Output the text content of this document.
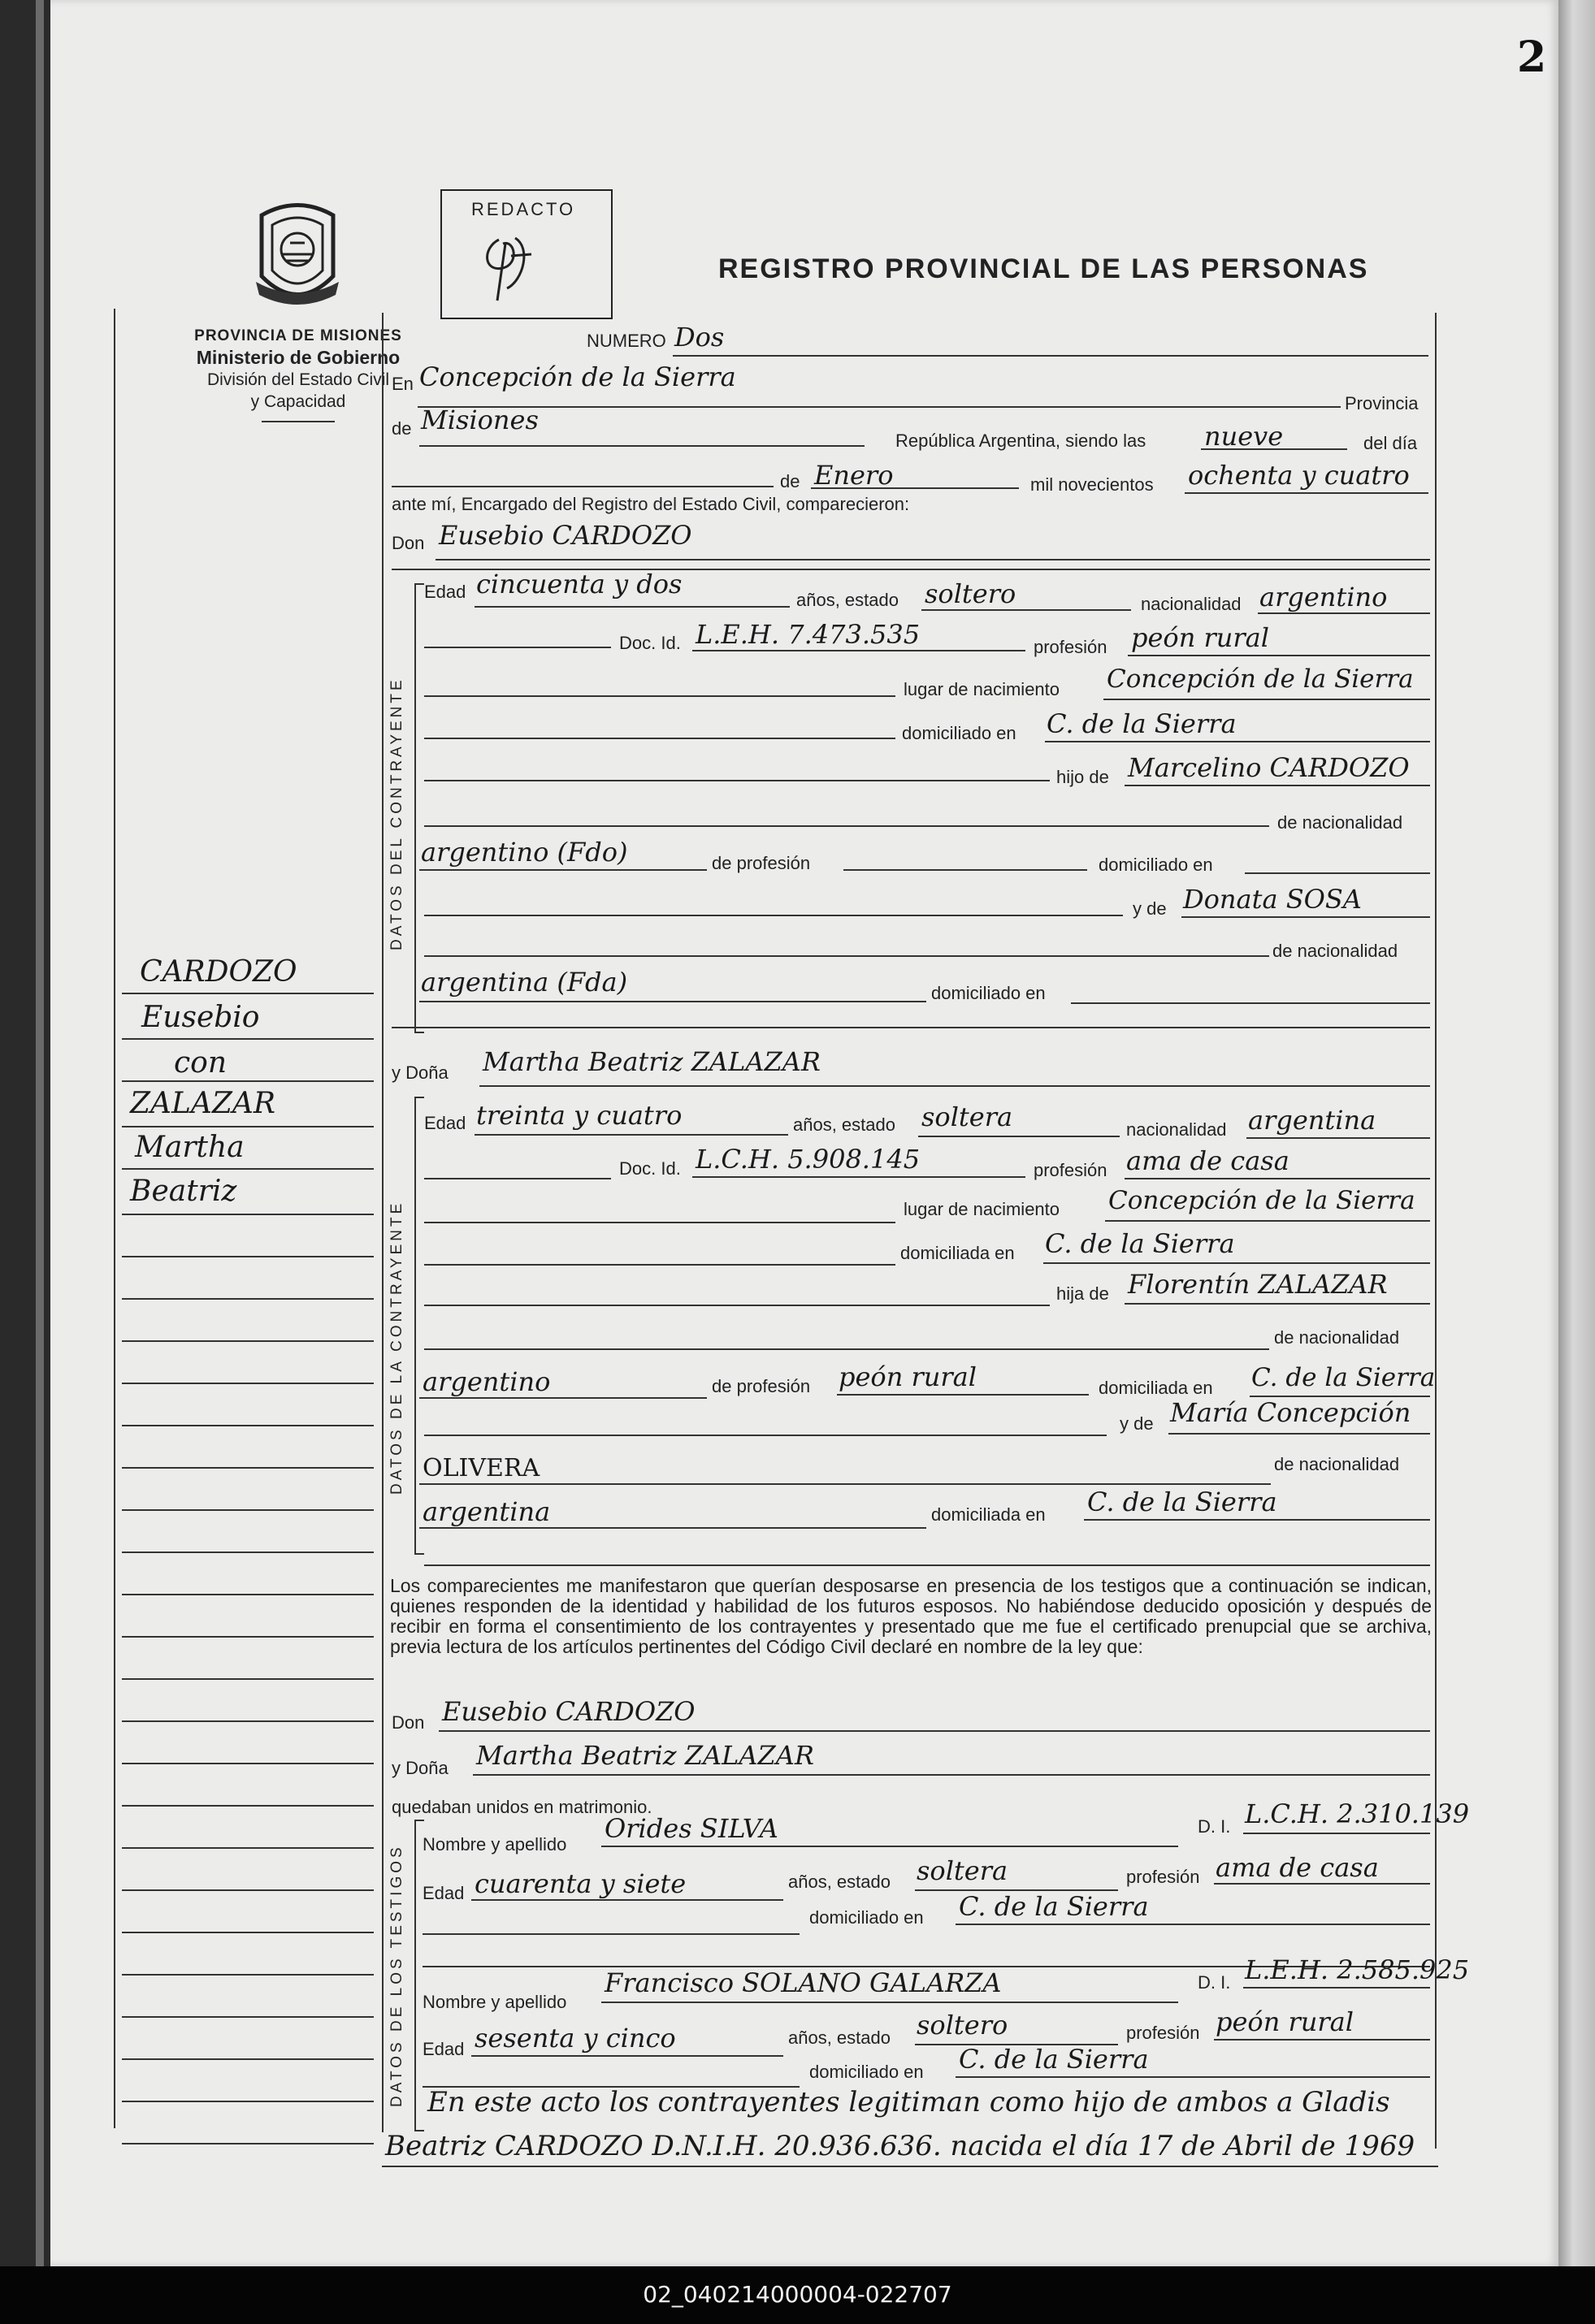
2
PROVINCIA DE MISIONES
Ministerio de Gobierno
División del Estado Civil
y Capacidad
REDACTO
REGISTRO PROVINCIAL DE LAS PERSONAS
NUMERO Dos
En Concepción de la Sierra
Provincia
de Misiones
República Argentina, siendo las nueve	del día
de Enero	mil novecientos ochenta y cuatro
ante mí, Encargado del Registro del Estado Civil, comparecieron:
Don Eusebio CARDOZO
DATOS DEL CONTRAYENTE
Edad cincuenta y dos
años, estado soltero	nacionalidad argentino
Doc. Id. L.E.H. 7.473.535	profesión peón rural
lugar de nacimiento Concepción de la Sierra
domiciliado en C. de la Sierra
hijo de Marcelino CARDOZO
de nacionalidad
argentino (Fdo)	de profesión	domiciliado en
y de Donata SOSA
de nacionalidad
argentina (Fda)	domiciliado en
y Doña Martha Beatriz ZALAZAR
DATOS DE LA CONTRAYENTE
Edad treinta y cuatro	años, estado soltera	nacionalidad argentina
Doc. Id. L.C.H. 5.908.145	profesión ama de casa
lugar de nacimiento Concepción de la Sierra
domiciliada en C. de la Sierra
hija de Florentín ZALAZAR
de nacionalidad
argentino	de profesión peón rural	domiciliada en C. de la Sierra
y de María Concepción
OLIVERA	de nacionalidad
argentina	domiciliada en C. de la Sierra
Los comparecientes me manifestaron que querían desposarse en presencia de los testigos que a continuación se indican, quienes responden de la identidad y habilidad de los futuros esposos. No habiéndose deducido oposición y después de recibir en forma el consentimiento de los contrayentes y presentado que me fue el certificado prenupcial que se archiva, previa lectura de los artículos pertinentes del Código Civil declaré en nombre de la ley que:
Don Eusebio CARDOZO
y Doña Martha Beatriz ZALAZAR
quedaban unidos en matrimonio.
DATOS DE LOS TESTIGOS Nombre y apellido
Orides SILVA	D. I. L.C.H. 2.310.139
Edad cuarenta y siete	años, estado soltera	profesión ama de casa
domiciliado en C. de la Sierra
Nombre y apellido
Francisco SOLANO GALARZA	D. I. L.E.H. 2.585.925
Edad sesenta y cinco	años, estado soltero	profesión peón rural
domiciliado en C. de la Sierra
En este acto los contrayentes legitiman como hijo de ambos a Gladis
Beatriz CARDOZO D.N.I.H. 20.936.636. nacida el día 17 de Abril de 1969
CARDOZO
Eusebio
con
ZALAZAR
Martha
Beatriz
02_040214000004-022707
